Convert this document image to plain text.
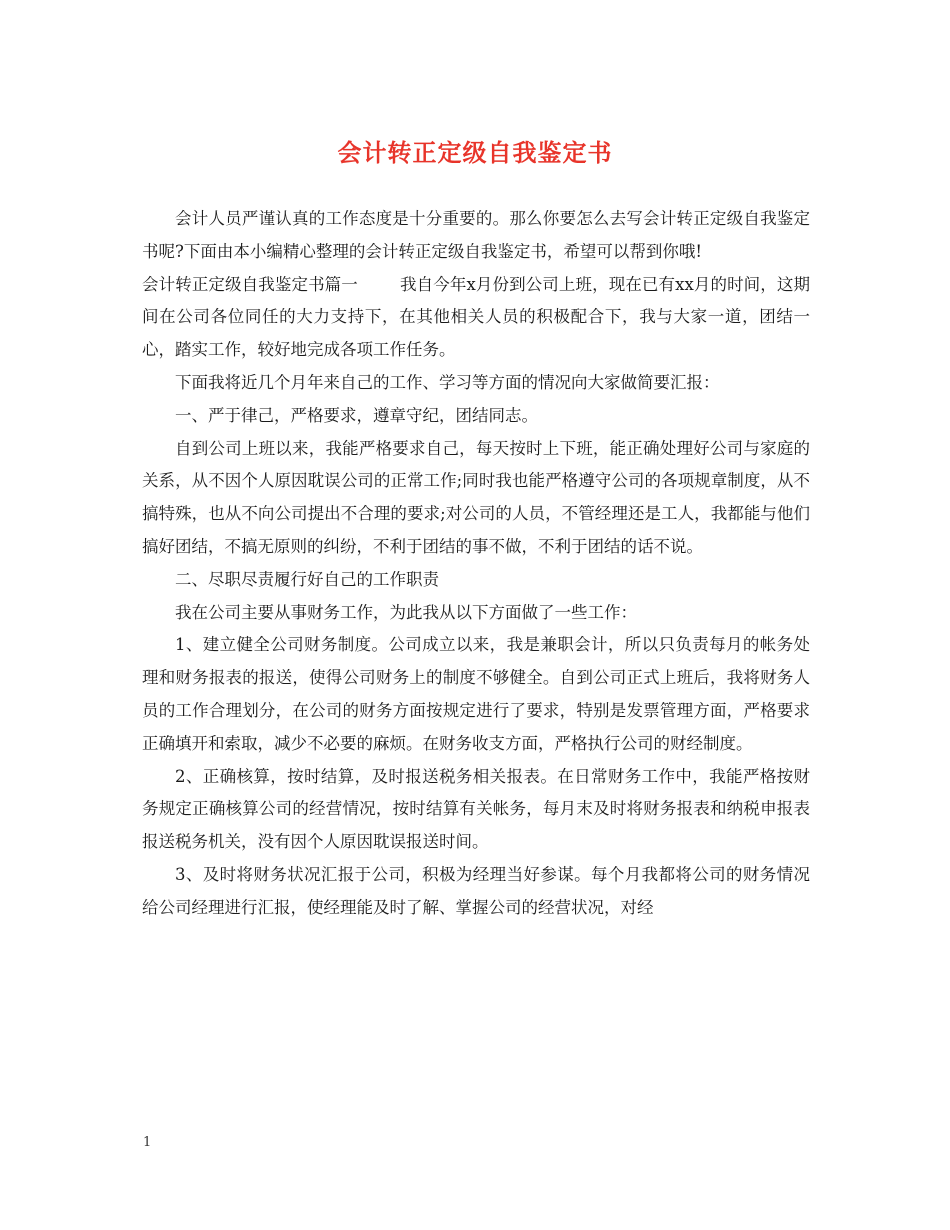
会计转正定级自我鉴定书

会计人员严谨认真的工作态度是十分重要的。那么你要怎么去写会计转正定级自我鉴定书呢?下面由本小编精心整理的会计转正定级自我鉴定书，希望可以帮到你哦!

会计转正定级自我鉴定书篇一	我自今年x月份到公司上班，现在已有xx月的时间，这期间在公司各位同任的大力支持下，在其他相关人员的积极配合下，我与大家一道，团结一心，踏实工作，较好地完成各项工作任务。

下面我将近几个月年来自己的工作、学习等方面的情况向大家做简要汇报：

一、严于律己，严格要求，遵章守纪，团结同志。

自到公司上班以来，我能严格要求自己，每天按时上下班，能正确处理好公司与家庭的关系，从不因个人原因耽误公司的正常工作;同时我也能严格遵守公司的各项规章制度，从不搞特殊，也从不向公司提出不合理的要求;对公司的人员，不管经理还是工人，我都能与他们搞好团结，不搞无原则的纠纷，不利于团结的事不做，不利于团结的话不说。

二、尽职尽责履行好自己的工作职责

我在公司主要从事财务工作，为此我从以下方面做了一些工作：

1、建立健全公司财务制度。公司成立以来，我是兼职会计，所以只负责每月的帐务处理和财务报表的报送，使得公司财务上的制度不够健全。自到公司正式上班后，我将财务人员的工作合理划分，在公司的财务方面按规定进行了要求，特别是发票管理方面，严格要求正确填开和索取，减少不必要的麻烦。在财务收支方面，严格执行公司的财经制度。

2、正确核算，按时结算，及时报送税务相关报表。在日常财务工作中，我能严格按财务规定正确核算公司的经营情况，按时结算有关帐务，每月末及时将财务报表和纳税申报表报送税务机关，没有因个人原因耽误报送时间。

3、及时将财务状况汇报于公司，积极为经理当好参谋。每个月我都将公司的财务情况给公司经理进行汇报，使经理能及时了解、掌握公司的经营状况，对经

1
